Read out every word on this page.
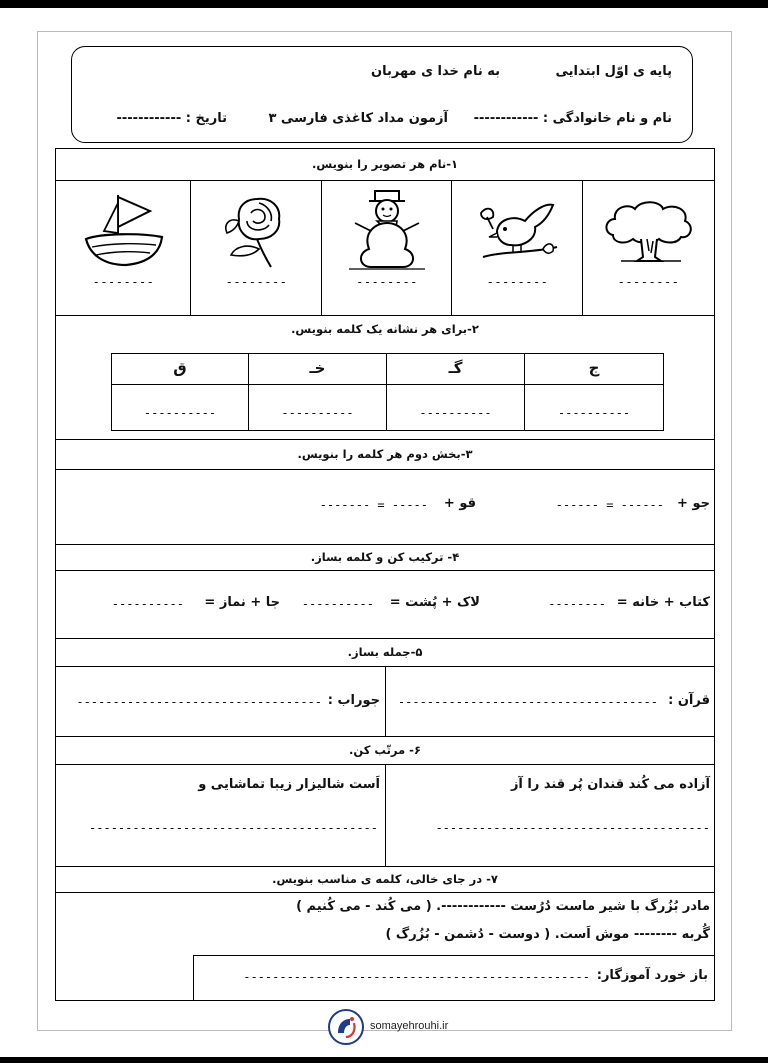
پایه ی اوّل ابتدایی
به نام خدا ی مهربان
نام و نام خانوادگی : ------------
آزمون مداد کاغذی فارسی ۳
تاریخ : ------------
۱-نام هر تصویر را بنویس.
--------
--------
--------
--------
--------
۲-برای هر نشانه یک کلمه بنویس.
ج
----------
گـ
----------
خـ
----------
ق
----------
۳-بخش دوم هر کلمه را بنویس.
جو +
------ = ------
قو +
----- = -------
۴- ترکیب کن و کلمه بساز.
کتاب + خانه =
--------
لاک + پُشت =
----------
جا + نماز =
----------
۵-جمله بساز.
قرآن :
------------------------------------
جوراب :
----------------------------------
۶- مرتّب کن.
آزاده می کُند قندان پُر قند را آز
--------------------------------------
اَست شالیزار زیبا تماشایی و
----------------------------------------
۷- در جای خالی، کلمه ی مناسب بنویس.
مادر بُزُرگ با شیر ماست دُرُست ------------. ( می کُند - می کُنیم )
گُربه -------- موش اَست. ( دوست - دُشمن - بُزُرگ )
باز خورد آموزگار:
------------------------------------------------
somayehrouhi.ir
